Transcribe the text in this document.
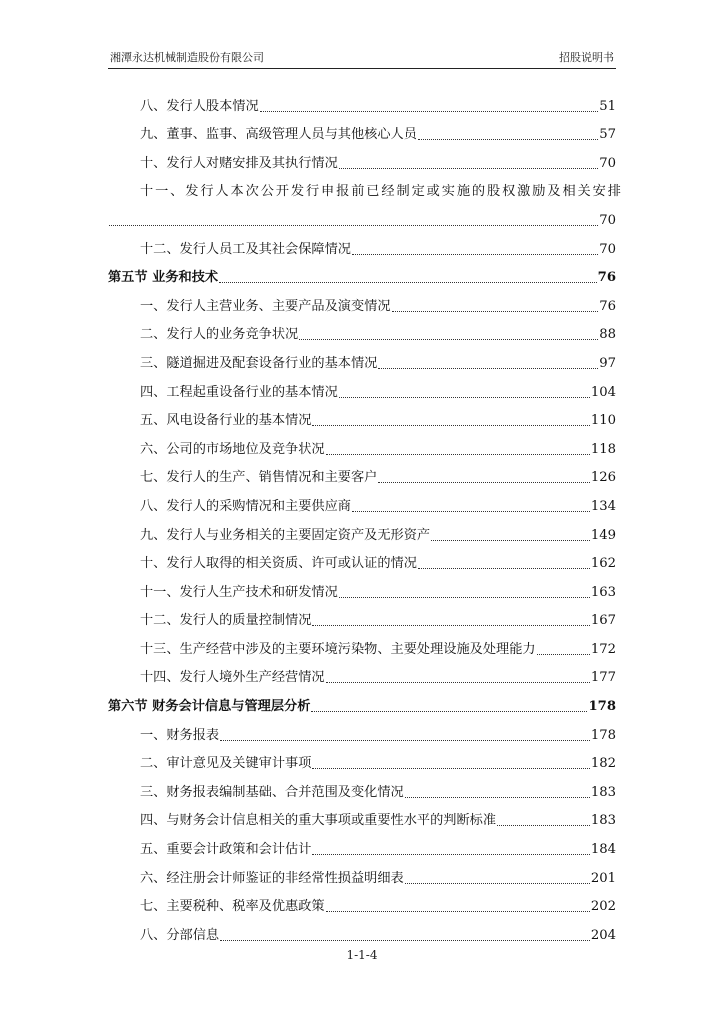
湘潭永达机械制造股份有限公司	招股说明书
八、发行人股本情况	51
九、董事、监事、高级管理人员与其他核心人员	57
十、发行人对赌安排及其执行情况	70
十一、发行人本次公开发行申报前已经制定或实施的股权激励及相关安排
70
十二、发行人员工及其社会保障情况	70
第五节 业务和技术	76
一、发行人主营业务、主要产品及演变情况	76
二、发行人的业务竞争状况	88
三、隧道掘进及配套设备行业的基本情况	97
四、工程起重设备行业的基本情况	104
五、风电设备行业的基本情况	110
六、公司的市场地位及竞争状况	118
七、发行人的生产、销售情况和主要客户	126
八、发行人的采购情况和主要供应商	134
九、发行人与业务相关的主要固定资产及无形资产	149
十、发行人取得的相关资质、许可或认证的情况	162
十一、发行人生产技术和研发情况	163
十二、发行人的质量控制情况	167
十三、生产经营中涉及的主要环境污染物、主要处理设施及处理能力	172
十四、发行人境外生产经营情况	177
第六节 财务会计信息与管理层分析	178
一、财务报表	178
二、审计意见及关键审计事项	182
三、财务报表编制基础、合并范围及变化情况	183
四、与财务会计信息相关的重大事项或重要性水平的判断标准	183
五、重要会计政策和会计估计	184
六、经注册会计师鉴证的非经常性损益明细表	201
七、主要税种、税率及优惠政策	202
八、分部信息	204
1-1-4
